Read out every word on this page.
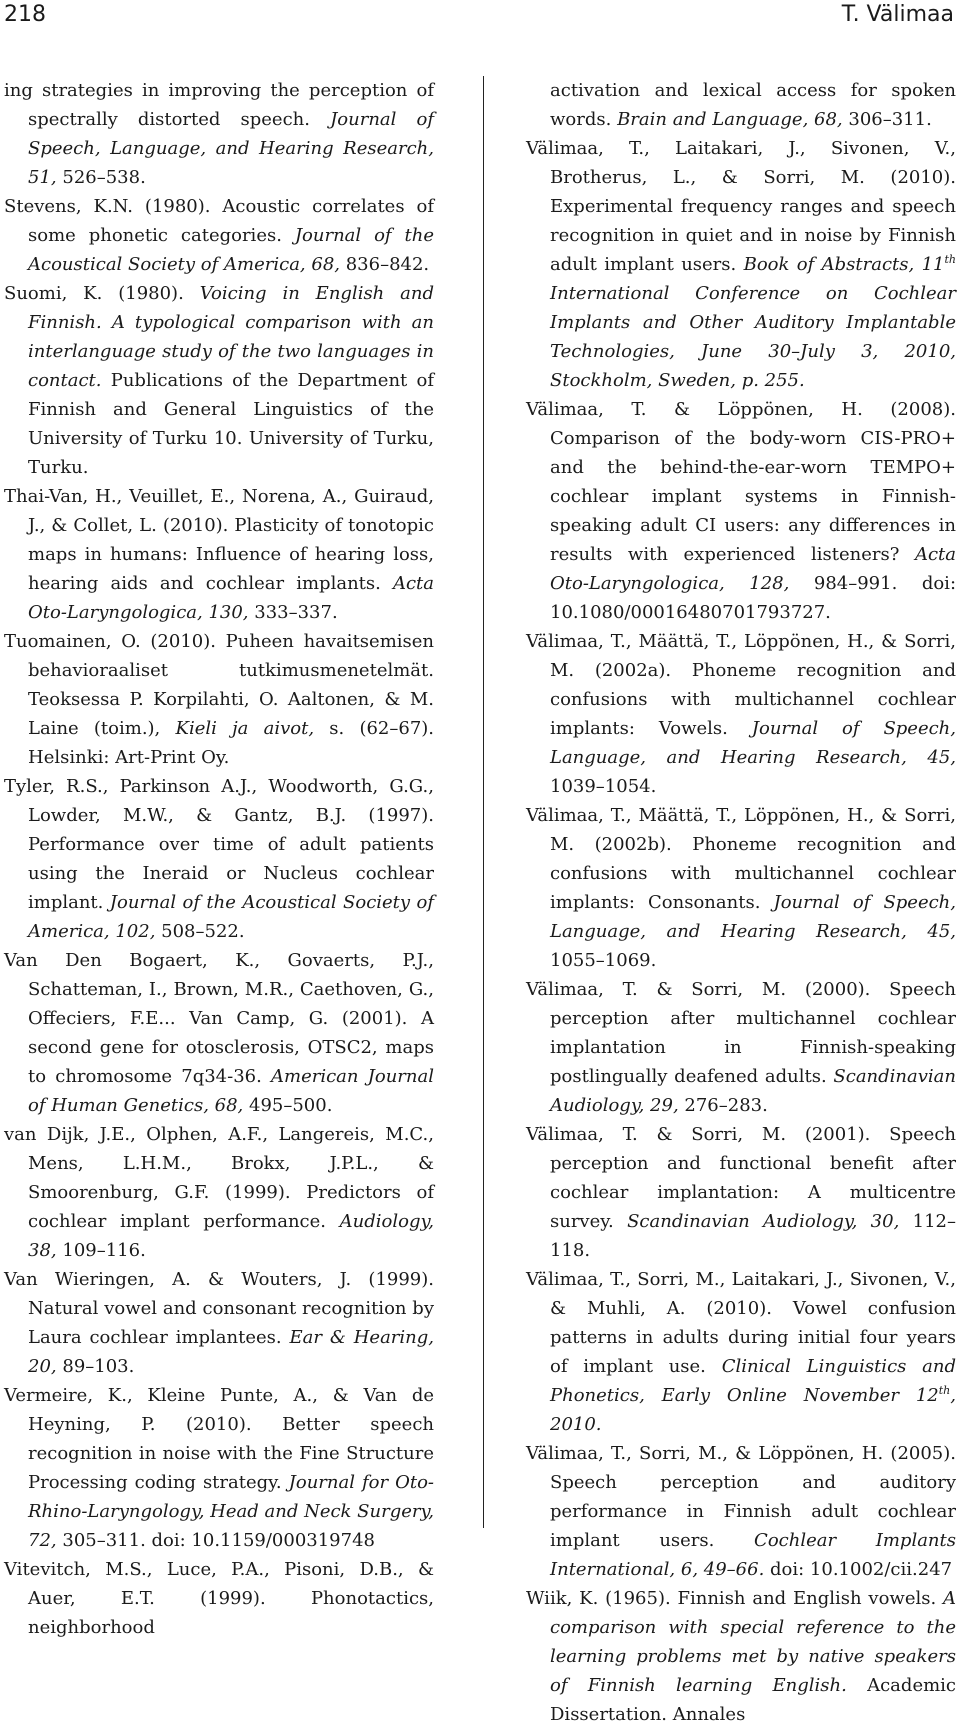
218	T. Välimaa

ing strategies in improving the perception of spectrally distorted speech. Journal of Speech, Language, and Hearing Research, 51, 526–538.

Stevens, K.N. (1980). Acoustic correlates of some phonetic categories. Journal of the Acoustical Society of America, 68, 836–842.

Suomi, K. (1980). Voicing in English and Finnish. A typological comparison with an interlanguage study of the two languages in contact. Publications of the Department of Finnish and General Linguistics of the University of Turku 10. University of Turku, Turku.

Thai-Van, H., Veuillet, E., Norena, A., Guiraud, J., & Collet, L. (2010). Plasticity of tonotopic maps in humans: Influence of hearing loss, hearing aids and cochlear implants. Acta Oto-Laryngologica, 130, 333–337.

Tuomainen, O. (2010). Puheen havaitsemisen behavioraaliset tutkimusmenetelmät. Teoksessa P. Korpilahti, O. Aaltonen, & M. Laine (toim.), Kieli ja aivot, s. (62–67). Helsinki: Art-Print Oy.

Tyler, R.S., Parkinson A.J., Woodworth, G.G., Lowder, M.W., & Gantz, B.J. (1997). Performance over time of adult patients using the Ineraid or Nucleus cochlear implant. Journal of the Acoustical Society of America, 102, 508–522.

Van Den Bogaert, K., Govaerts, P.J., Schatteman, I., Brown, M.R., Caethoven, G., Offeciers, F.E... Van Camp, G. (2001). A second gene for otosclerosis, OTSC2, maps to chromosome 7q34-36. American Journal of Human Genetics, 68, 495–500.

van Dijk, J.E., Olphen, A.F., Langereis, M.C., Mens, L.H.M., Brokx, J.P.L., & Smoorenburg, G.F. (1999). Predictors of cochlear implant performance. Audiology, 38, 109–116.

Van Wieringen, A. & Wouters, J. (1999). Natural vowel and consonant recognition by Laura cochlear implantees. Ear & Hearing, 20, 89–103.

Vermeire, K., Kleine Punte, A., & Van de Heyning, P. (2010). Better speech recognition in noise with the Fine Structure Processing coding strategy. Journal for Oto-Rhino-Laryngology, Head and Neck Surgery, 72, 305–311. doi: 10.1159/000319748

Vitevitch, M.S., Luce, P.A., Pisoni, D.B., & Auer, E.T. (1999). Phonotactics, neighborhood

activation and lexical access for spoken words. Brain and Language, 68, 306–311.

Välimaa, T., Laitakari, J., Sivonen, V., Brotherus, L., & Sorri, M. (2010). Experimental frequency ranges and speech recognition in quiet and in noise by Finnish adult implant users. Book of Abstracts, 11th International Conference on Cochlear Implants and Other Auditory Implantable Technologies, June 30–July 3, 2010, Stockholm, Sweden, p. 255.

Välimaa, T. & Löppönen, H. (2008). Comparison of the body-worn CIS-PRO+ and the behind-the-ear-worn TEMPO+ cochlear implant systems in Finnish-speaking adult CI users: any differences in results with experienced listeners? Acta Oto-Laryngologica, 128, 984–991. doi: 10.1080/00016480701793727.

Välimaa, T., Määttä, T., Löppönen, H., & Sorri, M. (2002a). Phoneme recognition and confusions with multichannel cochlear implants: Vowels. Journal of Speech, Language, and Hearing Research, 45, 1039–1054.

Välimaa, T., Määttä, T., Löppönen, H., & Sorri, M. (2002b). Phoneme recognition and confusions with multichannel cochlear implants: Consonants. Journal of Speech, Language, and Hearing Research, 45, 1055–1069.

Välimaa, T. & Sorri, M. (2000). Speech perception after multichannel cochlear implantation in Finnish-speaking postlingually deafened adults. Scandinavian Audiology, 29, 276–283.

Välimaa, T. & Sorri, M. (2001). Speech perception and functional benefit after cochlear implantation: A multicentre survey. Scandinavian Audiology, 30, 112–118.

Välimaa, T., Sorri, M., Laitakari, J., Sivonen, V., & Muhli, A. (2010). Vowel confusion patterns in adults during initial four years of implant use. Clinical Linguistics and Phonetics, Early Online November 12th, 2010.

Välimaa, T., Sorri, M., & Löppönen, H. (2005). Speech perception and auditory performance in Finnish adult cochlear implant users. Cochlear Implants International, 6, 49–66. doi: 10.1002/cii.247

Wiik, K. (1965). Finnish and English vowels. A comparison with special reference to the learning problems met by native speakers of Finnish learning English. Academic Dissertation. Annales
